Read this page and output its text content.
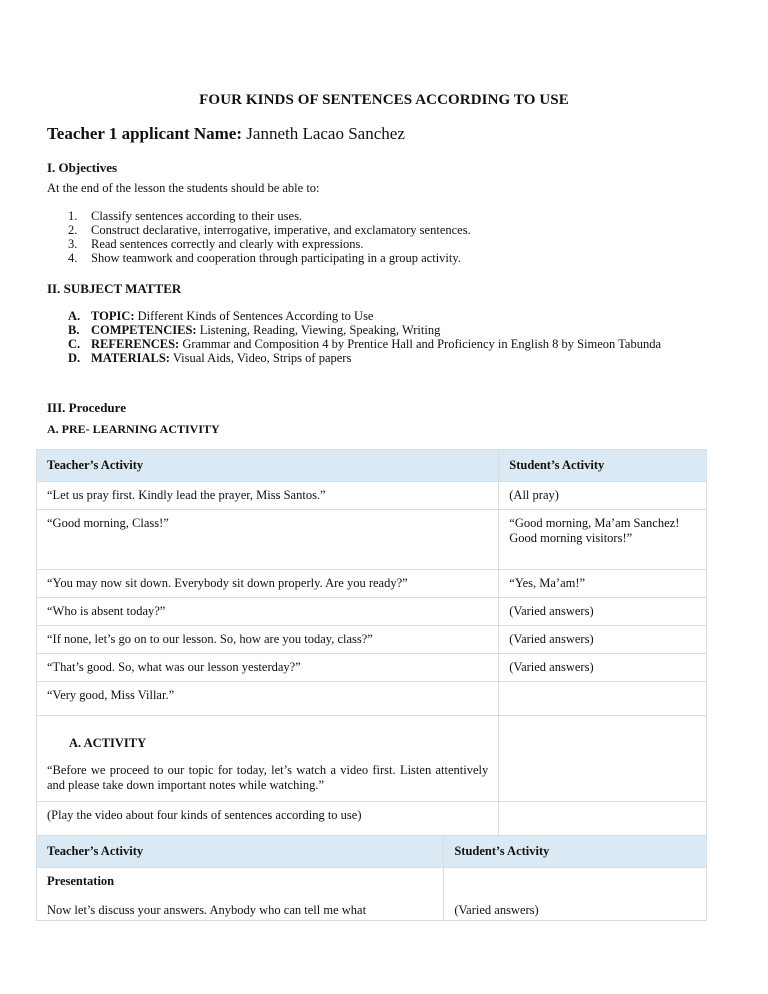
FOUR KINDS OF SENTENCES ACCORDING TO USE
Teacher 1 applicant Name: Janneth Lacao Sanchez
I. Objectives
At the end of the lesson the students should be able to:
1.	Classify sentences according to their uses.
2.	Construct declarative, interrogative, imperative, and exclamatory sentences.
3.	Read sentences correctly and clearly with expressions.
4.	Show teamwork and cooperation through participating in a group activity.
II. SUBJECT MATTER
A. TOPIC: Different Kinds of Sentences According to Use
B. COMPETENCIES: Listening, Reading, Viewing, Speaking, Writing
C. REFERENCES: Grammar and Composition 4 by Prentice Hall and Proficiency in English 8 by Simeon Tabunda
D. MATERIALS: Visual Aids, Video, Strips of papers
III. Procedure
A. PRE- LEARNING ACTIVITY
Teacher’s Activity	Student’s Activity
“Let us pray first. Kindly lead the prayer, Miss Santos.”	(All pray)
“Good morning, Class!”	“Good morning, Ma’am Sanchez! Good morning visitors!”
“You may now sit down. Everybody sit down properly. Are you ready?”	“Yes, Ma’am!”
“Who is absent today?”	(Varied answers)
“If none, let’s go on to our lesson. So, how are you today, class?”	(Varied answers)
“That’s good. So, what was our lesson yesterday?”	(Varied answers)
“Very good, Miss Villar.”	

A. ACTIVITY
“Before we proceed to our topic for today, let’s watch a video first. Listen attentively and please take down important notes while watching.”	

(Play the video about four kinds of sentences according to use)	
Teacher’s Activity	Student’s Activity

Presentation
Now let’s discuss your answers. Anybody who can tell me what	(Varied answers)
